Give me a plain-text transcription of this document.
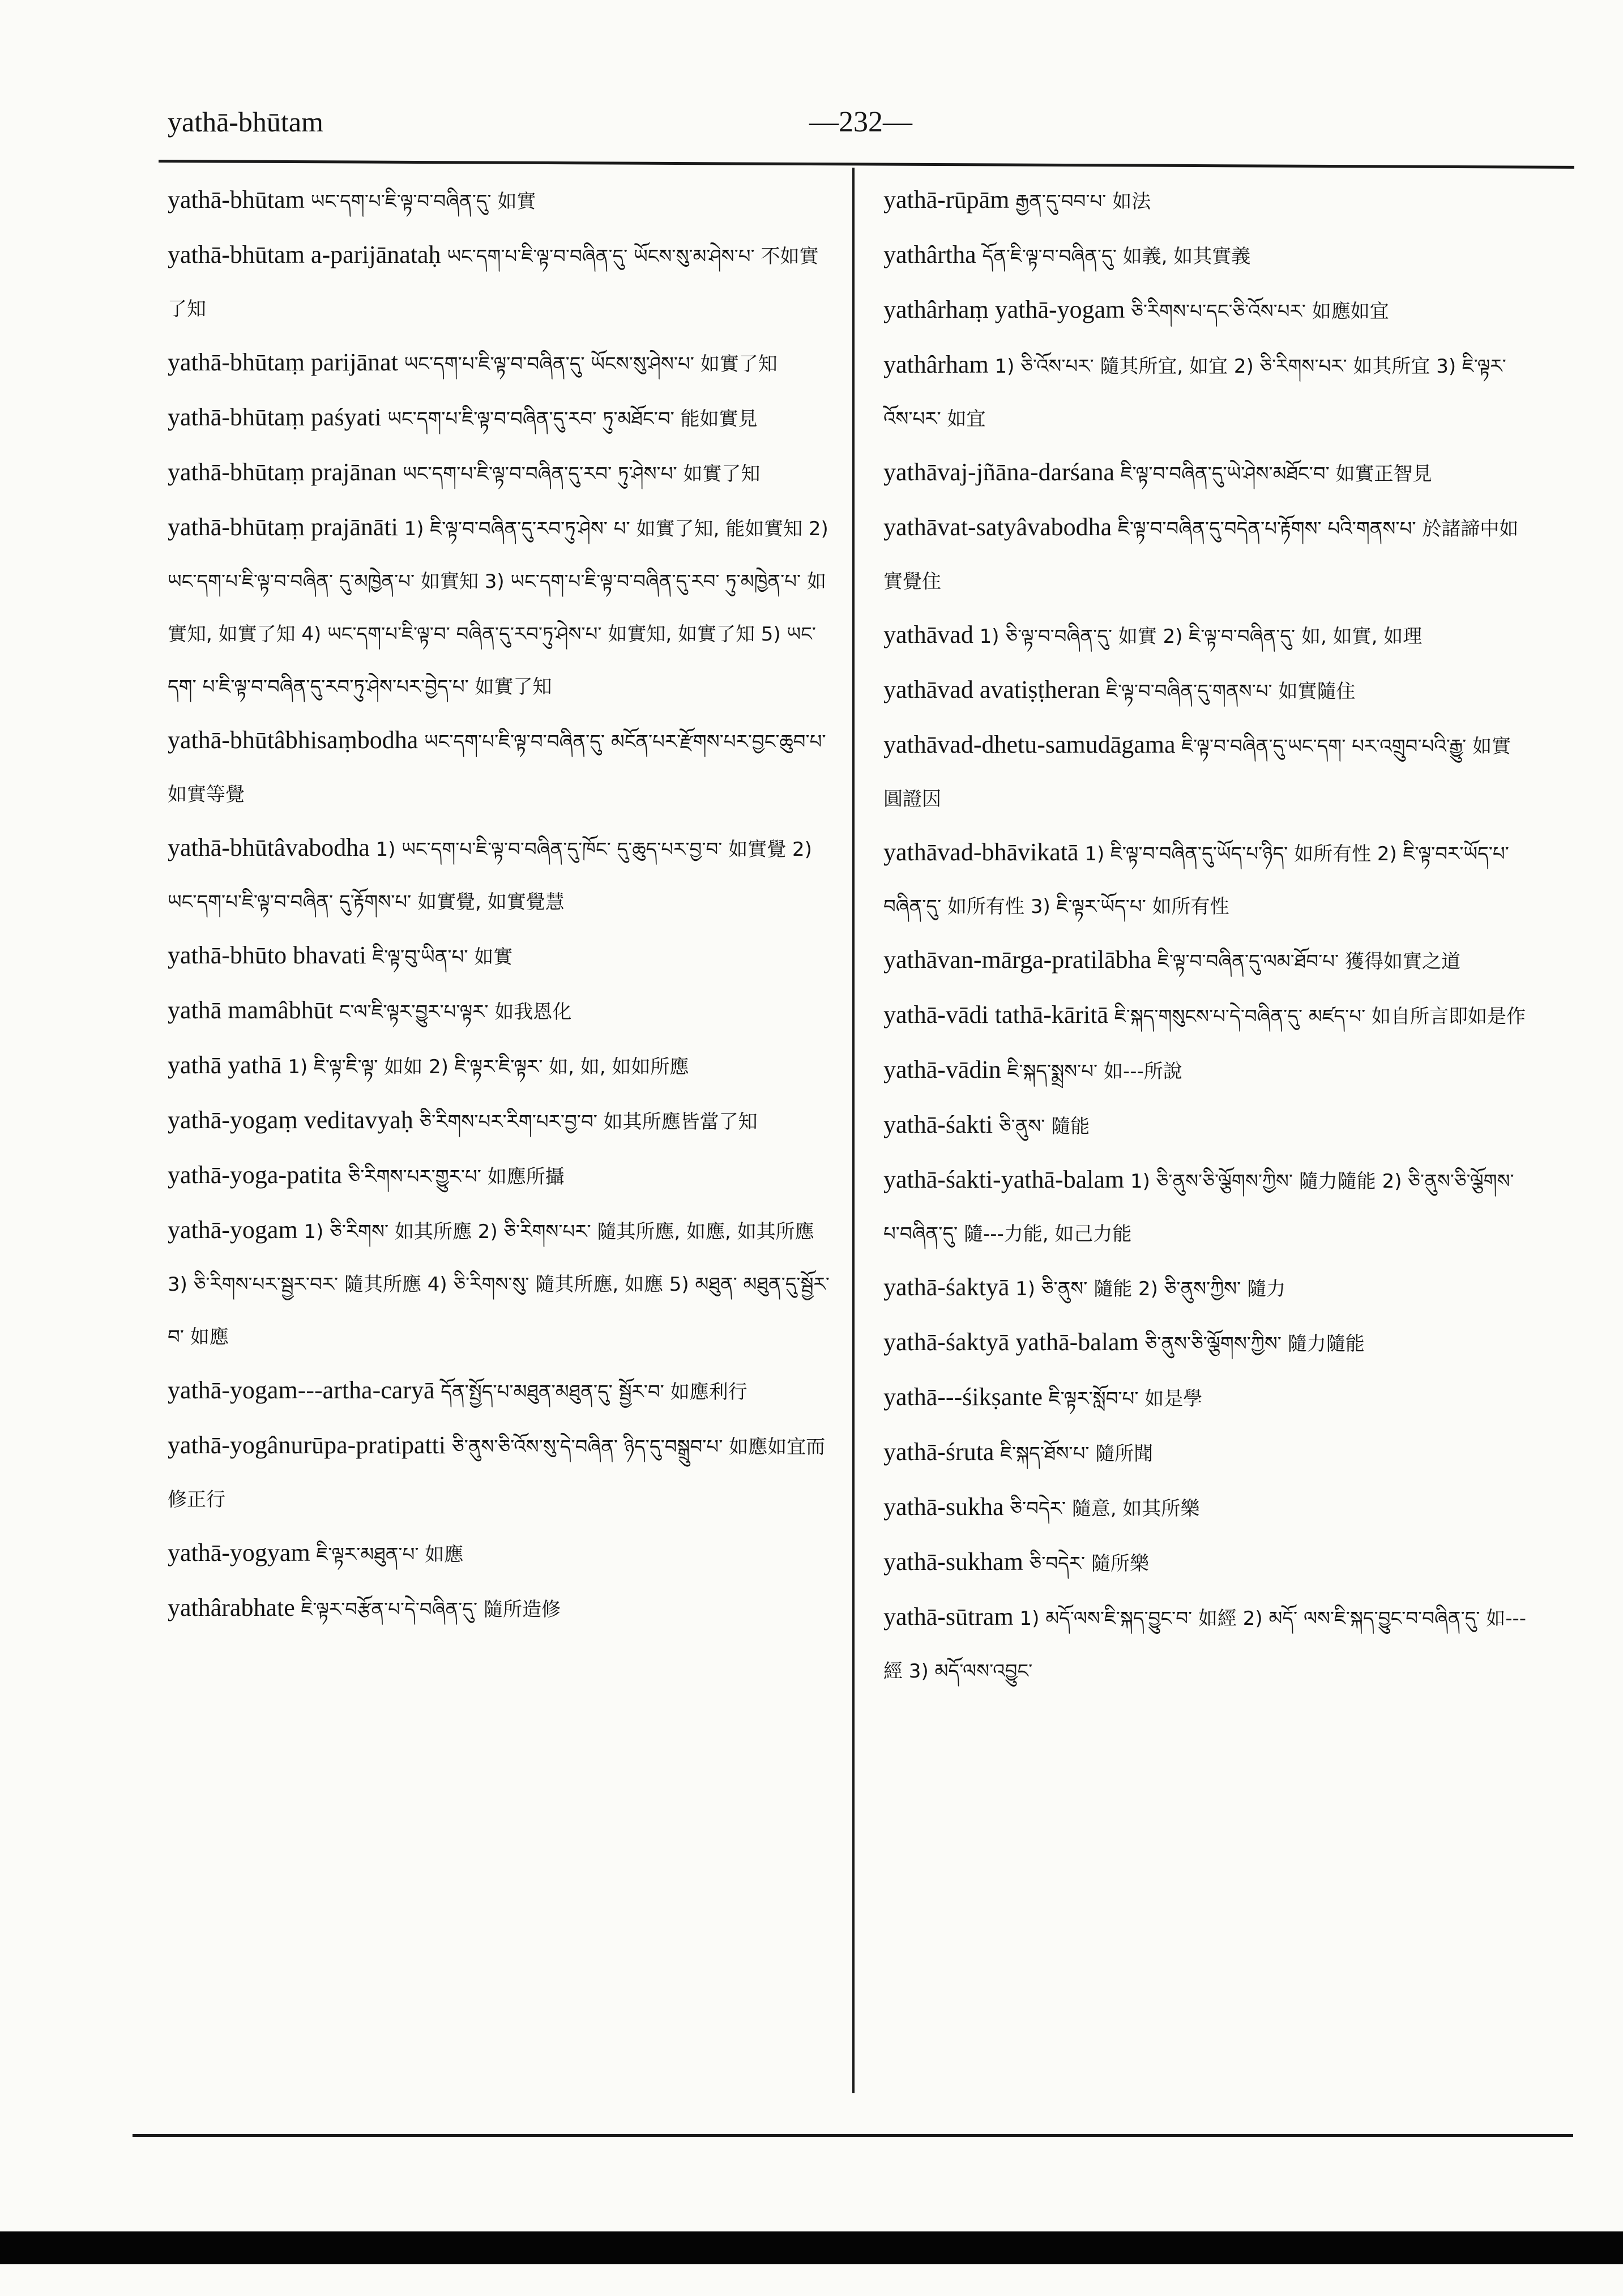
yathā-bhūtam	—232—
yathā-bhūtam ཡང་དག་པ་ཇི་ལྟ་བ་བཞིན་དུ་ 如實
yathā-bhūtam a-parijānataḥ ཡང་དག་པ་ཇི་ལྟ་བ་བཞིན་དུ་ ཡོངས་སུ་མ་ཤེས་པ་ 不如實了知
yathā-bhūtaṃ parijānat ཡང་དག་པ་ཇི་ལྟ་བ་བཞིན་དུ་ ཡོངས་སུ་ཤེས་པ་ 如實了知
yathā-bhūtaṃ paśyati ཡང་དག་པ་ཇི་ལྟ་བ་བཞིན་དུ་རབ་ ཏུ་མཐོང་བ་ 能如實見
yathā-bhūtaṃ prajānan ཡང་དག་པ་ཇི་ལྟ་བ་བཞིན་དུ་རབ་ ཏུ་ཤེས་པ་ 如實了知
yathā-bhūtaṃ prajānāti 1) ཇི་ལྟ་བ་བཞིན་དུ་རབ་ཏུ་ཤེས་ པ་ 如實了知, 能如實知 2) ཡང་དག་པ་ཇི་ལྟ་བ་བཞིན་ དུ་མཁྱེན་པ་ 如實知 3) ཡང་དག་པ་ཇི་ལྟ་བ་བཞིན་དུ་རབ་ ཏུ་མཁྱེན་པ་ 如實知, 如實了知 4) ཡང་དག་པ་ཇི་ལྟ་བ་ བཞིན་དུ་རབ་ཏུ་ཤེས་པ་ 如實知, 如實了知 5) ཡང་དག་ པ་ཇི་ལྟ་བ་བཞིན་དུ་རབ་ཏུ་ཤེས་པར་བྱེད་པ་ 如實了知
yathā-bhūtâbhisaṃbodha ཡང་དག་པ་ཇི་ལྟ་བ་བཞིན་དུ་ མངོན་པར་རྫོགས་པར་བྱང་ཆུབ་པ་ 如實等覺
yathā-bhūtâvabodha 1) ཡང་དག་པ་ཇི་ལྟ་བ་བཞིན་དུ་ཁོང་ དུ་ཆུད་པར་བྱ་བ་ 如實覺 2) ཡང་དག་པ་ཇི་ལྟ་བ་བཞིན་ དུ་རྟོགས་པ་ 如實覺, 如實覺慧
yathā-bhūto bhavati ཇི་ལྟ་བུ་ཡིན་པ་ 如實
yathā mamâbhūt ང་ལ་ཇི་ལྟར་བྱུར་པ་ལྟར་ 如我恩化
yathā yathā 1) ཇི་ལྟ་ཇི་ལྟ་ 如如 2) ཇི་ལྟར་ཇི་ལྟར་ 如, 如, 如如所應
yathā-yogaṃ veditavyaḥ ཅི་རིགས་པར་རིག་པར་བྱ་བ་ 如其所應皆當了知
yathā-yoga-patita ཅི་རིགས་པར་གྱུར་པ་ 如應所攝
yathā-yogam 1) ཅི་རིགས་ 如其所應 2) ཅི་རིགས་པར་ 隨其所應, 如應, 如其所應 3) ཅི་རིགས་པར་སྦྱར་བར་ 隨其所應 4) ཅི་རིགས་སུ་ 隨其所應, 如應 5) མཐུན་ མཐུན་དུ་སྦྱོར་བ་ 如應
yathā-yogam---artha-caryā དོན་སྤྱོད་པ་མཐུན་མཐུན་དུ་ སྦྱོར་བ་ 如應利行
yathā-yogânurūpa-pratipatti ཅི་ནུས་ཅི་འོས་སུ་དེ་བཞིན་ ཉིད་དུ་བསྒྲུབ་པ་ 如應如宜而修正行
yathā-yogyam ཇི་ལྟར་མཐུན་པ་ 如應
yathârabhate ཇི་ལྟར་བརྩོན་པ་དེ་བཞིན་དུ་ 隨所造修
yathā-rūpām རྒྱན་དུ་བབ་པ་ 如法
yathârtha དོན་ཇི་ལྟ་བ་བཞིན་དུ་ 如義, 如其實義
yathârhaṃ yathā-yogam ཅི་རིགས་པ་དང་ཅི་འོས་པར་ 如應如宜
yathârham 1) ཅི་འོས་པར་ 隨其所宜, 如宜 2) ཅི་རིགས་པར་ 如其所宜 3) ཇི་ལྟར་འོས་པར་ 如宜
yathāvaj-jñāna-darśana ཇི་ལྟ་བ་བཞིན་དུ་ཡེ་ཤེས་མཐོང་བ་ 如實正智見
yathāvat-satyâvabodha ཇི་ལྟ་བ་བཞིན་དུ་བདེན་པ་རྟོགས་ པའི་གནས་པ་ 於諸諦中如實覺住
yathāvad 1) ཅི་ལྟ་བ་བཞིན་དུ་ 如實 2) ཇི་ལྟ་བ་བཞིན་དུ་ 如, 如實, 如理
yathāvad avatiṣṭheran ཇི་ལྟ་བ་བཞིན་དུ་གནས་པ་ 如實隨住
yathāvad-dhetu-samudāgama ཇི་ལྟ་བ་བཞིན་དུ་ཡང་དག་ པར་འགྲུབ་པའི་རྒྱུ་ 如實圓證因
yathāvad-bhāvikatā 1) ཇི་ལྟ་བ་བཞིན་དུ་ཡོད་པ་ཉིད་ 如所有性 2) ཇི་ལྟ་བར་ཡོད་པ་བཞིན་དུ་ 如所有性 3) ཇི་ལྟར་ཡོད་པ་ 如所有性
yathāvan-mārga-pratilābha ཇི་ལྟ་བ་བཞིན་དུ་ལམ་ཐོབ་པ་ 獲得如實之道
yathā-vādi tathā-kāritā ཇི་སྐད་གསུངས་པ་དེ་བཞིན་དུ་ མཛད་པ་ 如自所言即如是作
yathā-vādin ཇི་སྐད་སྨྲས་པ་ 如---所說
yathā-śakti ཅི་ནུས་ 隨能
yathā-śakti-yathā-balam 1) ཅི་ནུས་ཅི་ལྕོགས་ཀྱིས་ 隨力隨能 2) ཅི་ནུས་ཅི་ལྕོགས་པ་བཞིན་དུ་ 隨---力能, 如己力能
yathā-śaktyā 1) ཅི་ནུས་ 隨能 2) ཅི་ནུས་ཀྱིས་ 隨力
yathā-śaktyā yathā-balam ཅི་ནུས་ཅི་ལྕོགས་ཀྱིས་ 隨力隨能
yathā---śikṣante ཇི་ལྟར་སློབ་པ་ 如是學
yathā-śruta ཇི་སྐད་ཐོས་པ་ 隨所聞
yathā-sukha ཅི་བདེར་ 隨意, 如其所樂
yathā-sukham ཅི་བདེར་ 隨所樂
yathā-sūtram 1) མདོ་ལས་ཇི་སྐད་བྱུང་བ་ 如經 2) མདོ་ ལས་ཇི་སྐད་བྱུང་བ་བཞིན་དུ་ 如---經 3) མདོ་ལས་འབྱུང་
